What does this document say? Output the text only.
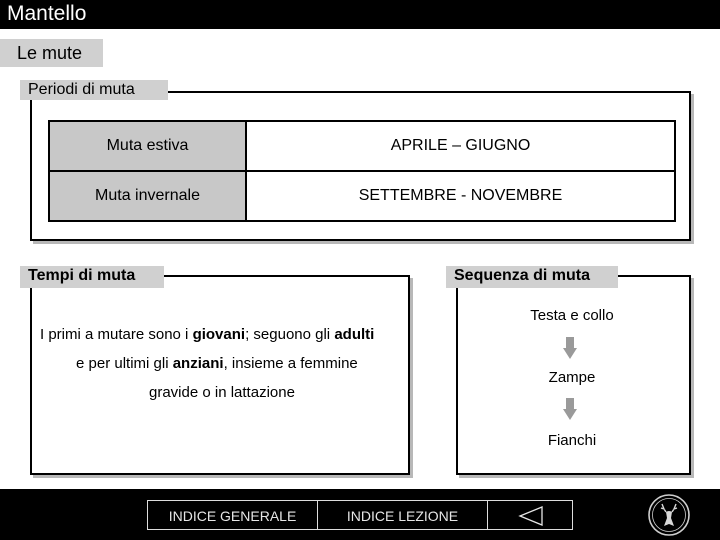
Mantello
Le mute
Periodi di muta
Muta estiva	APRILE – GIUGNO
Muta invernale	SETTEMBRE - NOVEMBRE
Tempi di muta
I primi a mutare sono i giovani; seguono gli adulti
e per ultimi gli anziani, insieme a femmine
gravide o in lattazione
Sequenza di muta
Testa e collo
Zampe
Fianchi
INDICE GENERALE	INDICE LEZIONE
